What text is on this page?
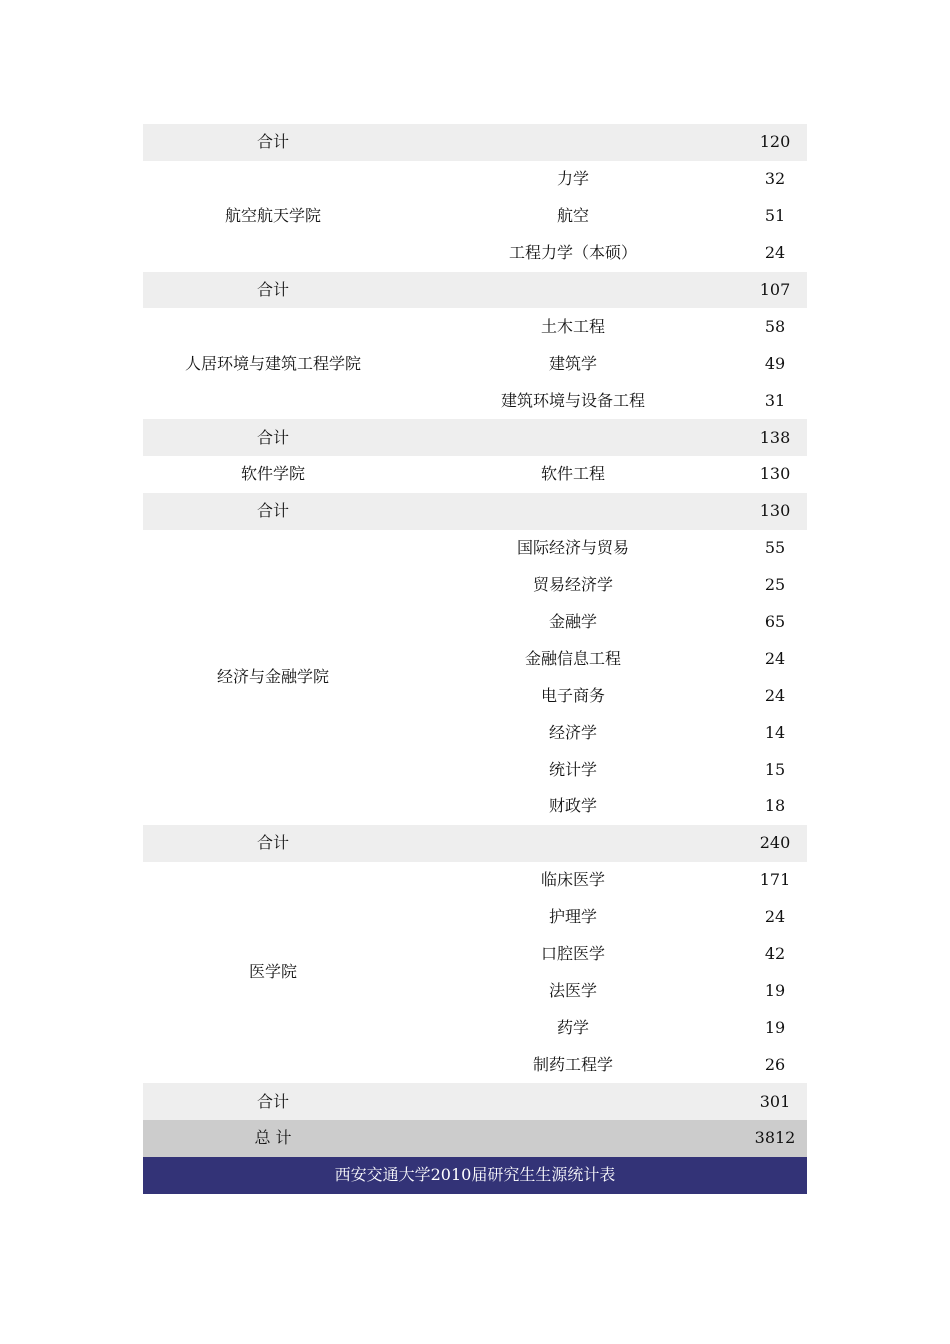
合计		120
航空航天学院	力学	32
	航空	51
	工程力学（本硕）	24
合计		107
人居环境与建筑工程学院	土木工程	58
	建筑学	49
	建筑环境与设备工程	31
合计		138
软件学院	软件工程	130
合计		130
经济与金融学院	国际经济与贸易	55
	贸易经济学	25
	金融学	65
	金融信息工程	24
	电子商务	24
	经济学	14
	统计学	15
	财政学	18
合计		240
医学院	临床医学	171
	护理学	24
	口腔医学	42
	法医学	19
	药学	19
	制药工程学	26
合计		301
总 计		3812
西安交通大学2010届研究生生源统计表		
